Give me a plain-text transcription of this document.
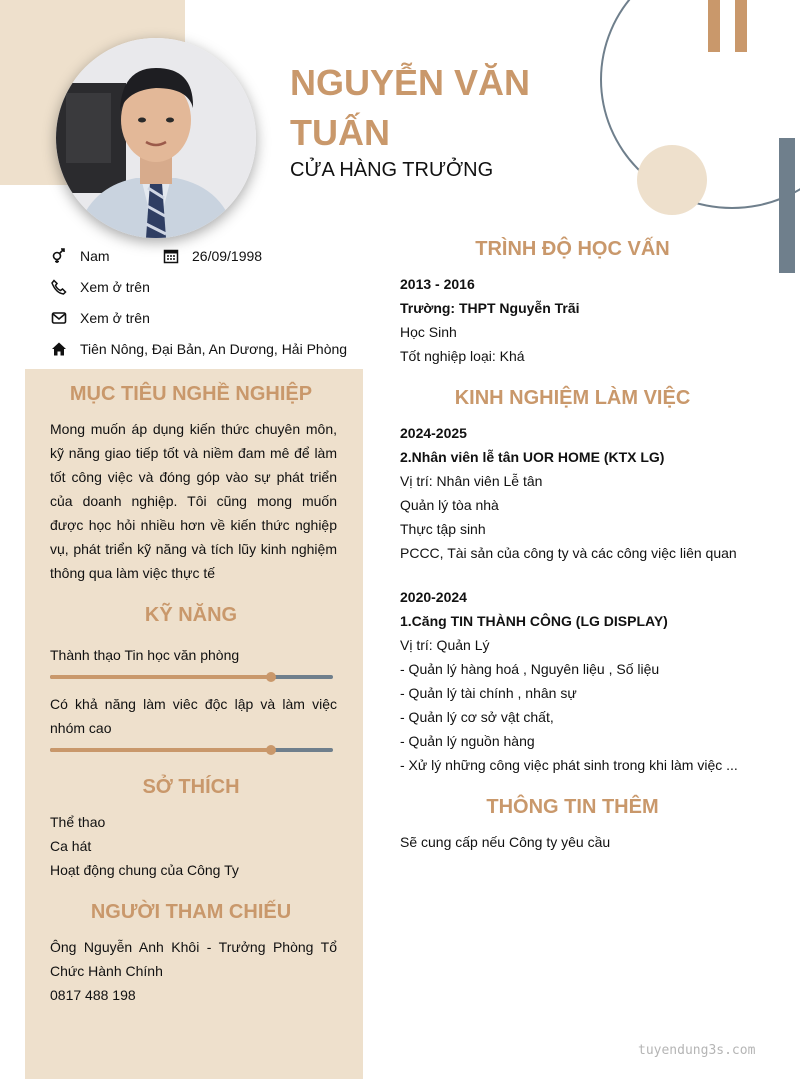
NGUYỄN VĂN TUẤN
CỬA HÀNG TRƯỞNG
Nam	26/09/1998
Xem ở trên
Xem ở trên
Tiên Nông, Đại Bản, An Dương, Hải Phòng
MỤC TIÊU NGHỀ NGHIỆP
Mong muốn áp dụng kiến thức chuyên môn, kỹ năng giao tiếp tốt và niềm đam mê để làm tốt công việc và đóng góp vào sự phát triển của doanh nghiệp. Tôi cũng mong muốn được học hỏi nhiều hơn về kiến thức nghiệp vụ, phát triển kỹ năng và tích lũy kinh nghiệm thông qua làm việc thực tế
KỸ NĂNG
Thành thạo Tin học văn phòng
Có khả năng làm viêc độc lập và làm việc nhóm cao
SỞ THÍCH
Thể thao
Ca hát
Hoạt động chung của Công Ty
NGƯỜI THAM CHIẾU
Ông Nguyễn Anh Khôi - Trưởng Phòng Tổ Chức Hành Chính
0817 488 198
TRÌNH ĐỘ HỌC VẤN
2013 - 2016
Trường: THPT Nguyễn Trãi
Học Sinh
Tốt nghiệp loại: Khá
KINH NGHIỆM LÀM VIỆC
2024-2025
2.Nhân viên lễ tân UOR HOME (KTX LG)
Vị trí: Nhân viên Lễ tân
Quản lý tòa nhà
Thực tập sinh
PCCC, Tài sản của công ty và các công việc liên quan
2020-2024
1.Căng TIN THÀNH CÔNG (LG DISPLAY)
Vị trí: Quản Lý
- Quản lý hàng hoá , Nguyên liệu , Số liệu
- Quản lý tài chính , nhân sự
- Quản lý cơ sở vật chất,
- Quản lý nguồn hàng
- Xử lý những công việc phát sinh trong khi làm việc ...
THÔNG TIN THÊM
Sẽ cung cấp nếu Công ty yêu cầu
tuyendung3s.com
